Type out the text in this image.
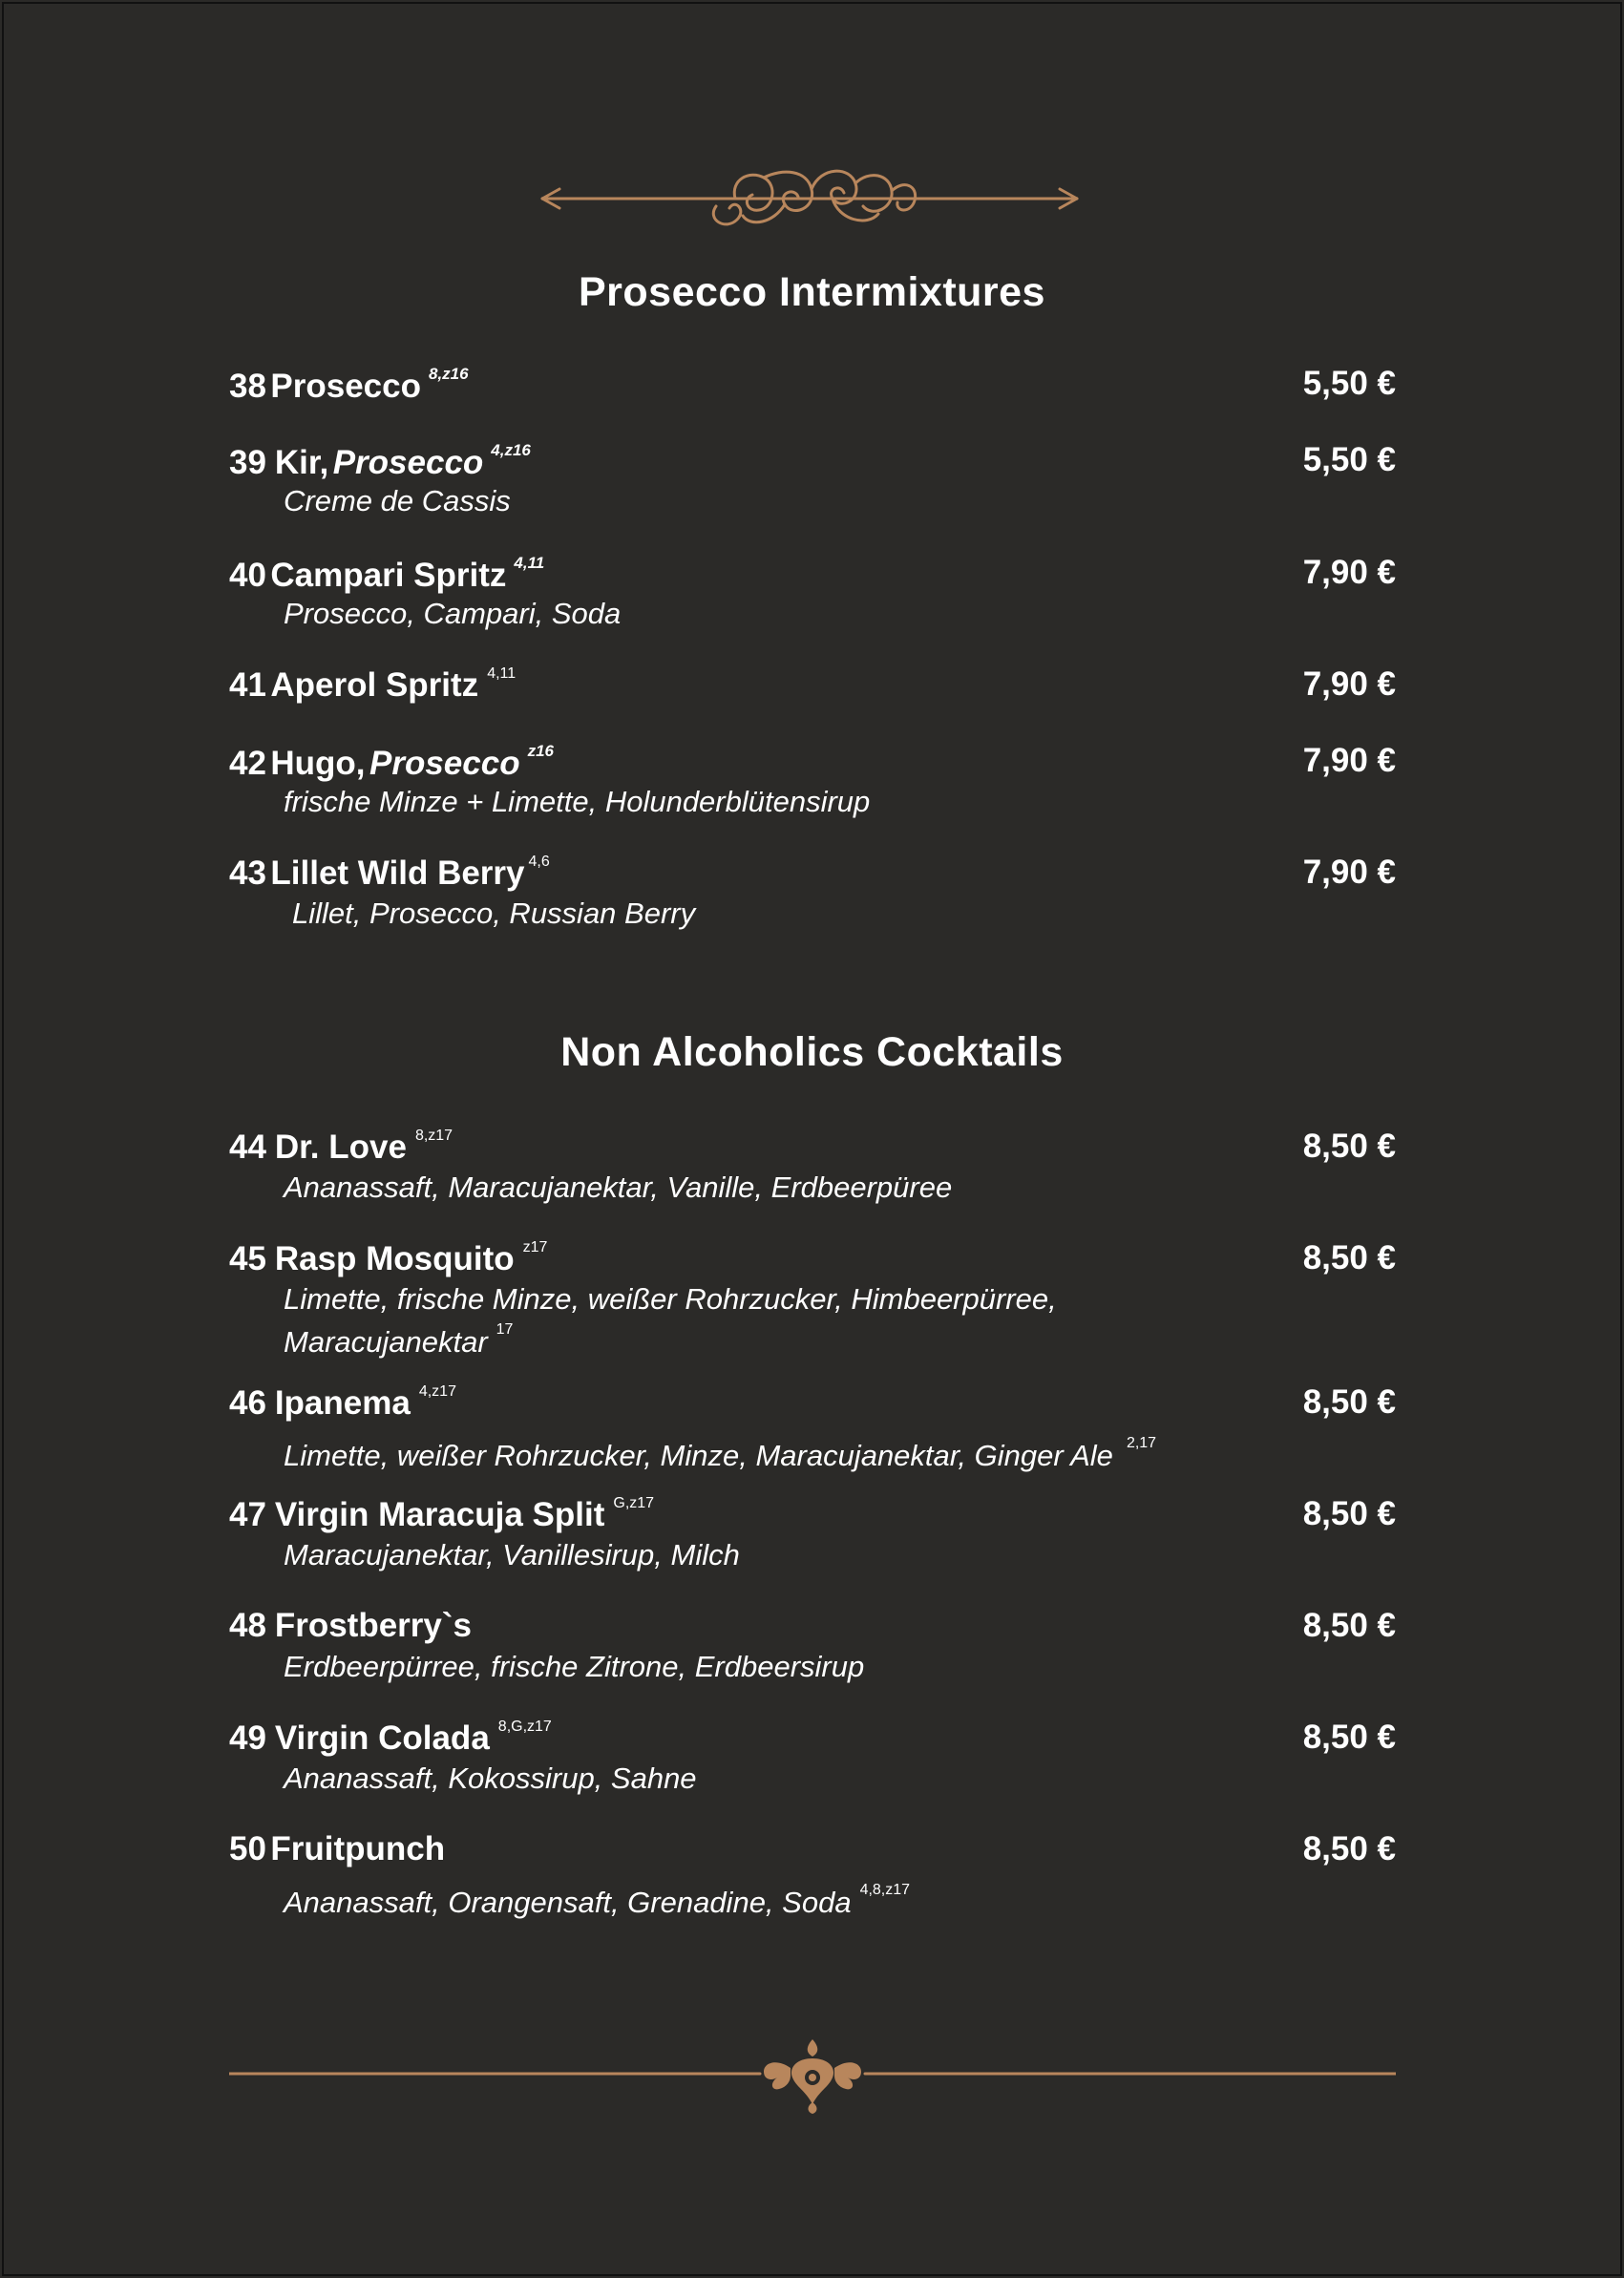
Prosecco Intermixtures
38 Prosecco $^{8,z16}$	5,50 €
39 Kir, Prosecco $^{4,z16}$	5,50 €
Creme de Cassis
40 Campari Spritz $^{4,11}$	7,90 €
Prosecco, Campari, Soda
41 Aperol Spritz $^{4,11}$	7,90 €
42 Hugo, Prosecco $^{z16}$	7,90 €
frische Minze + Limette, Holunderblütensirup
43 Lillet Wild Berry $^{4,6}$	7,90 €
Lillet, Prosecco, Russian Berry
Non Alcoholics Cocktails
44 Dr. Love $^{8,z17}$	8,50 €
Ananassaft, Maracujanektar, Vanille, Erdbeerpüree
45 Rasp Mosquito $^{z17}$	8,50 €
Limette, frische Minze, weißer Rohrzucker, Himbeerpürree,
Maracujanektar $^{17}$
46 Ipanema $^{4,z17}$	8,50 €
Limette, weißer Rohrzucker, Minze, Maracujanektar, Ginger Ale $^{2,17}$
47 Virgin Maracuja Split $^{G,z17}$	8,50 €
Maracujanektar, Vanillesirup, Milch
48 Frostberry`s	8,50 €
Erdbeerpürree, frische Zitrone, Erdbeersirup
49 Virgin Colada $^{8,G,z17}$	8,50 €
Ananassaft, Kokossirup, Sahne
50 Fruitpunch	8,50 €
Ananassaft, Orangensaft, Grenadine, Soda $^{4,8,z17}$
